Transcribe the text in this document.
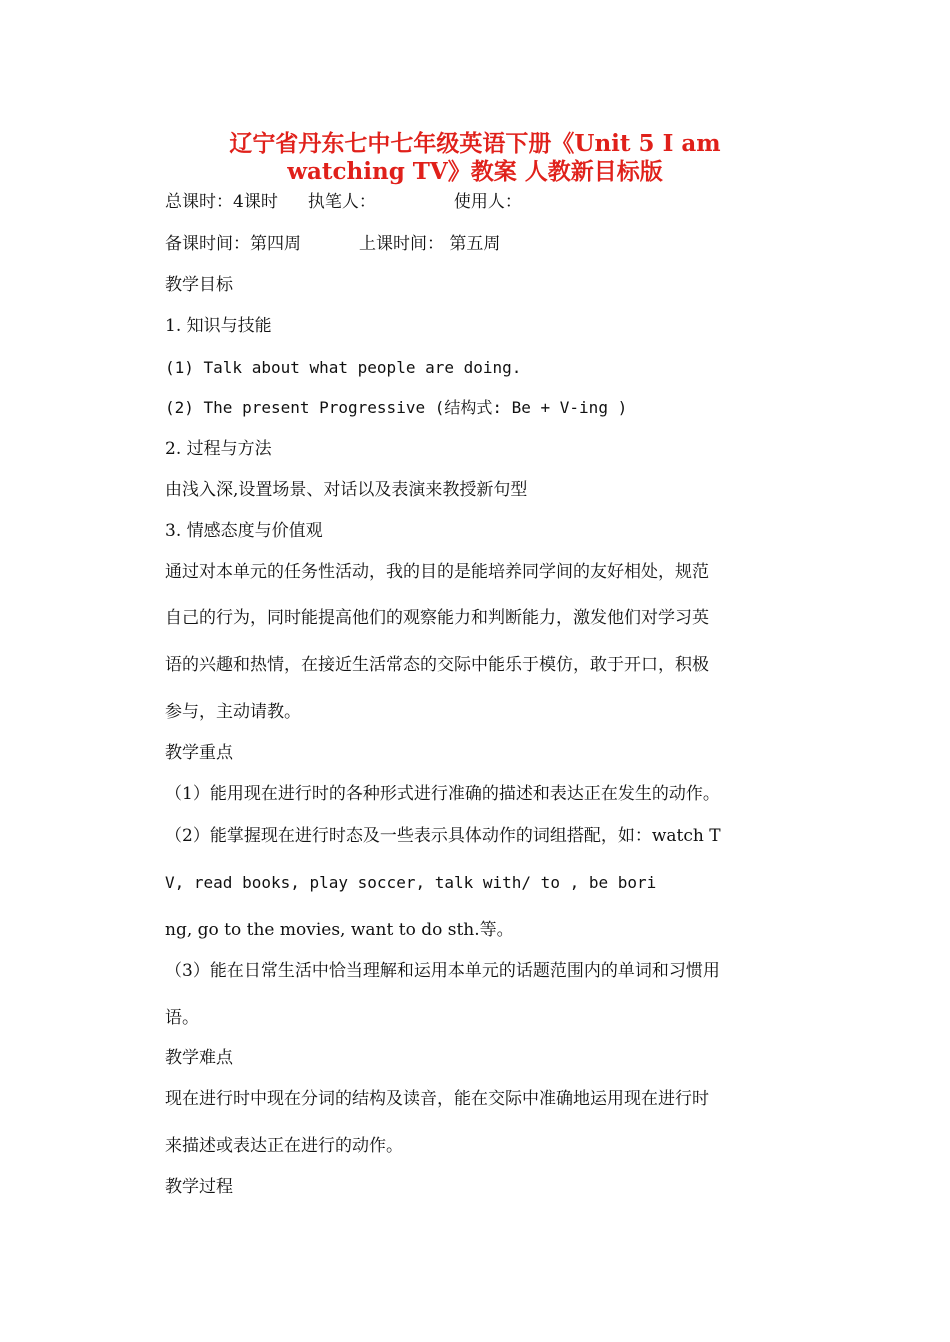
辽宁省丹东七中七年级英语下册《Unit 5 I am
watching TV》教案 人教新目标版
总课时：4课时 执笔人：	使用人：
备课时间：第四周	上课时间： 第五周
教学目标
1. 知识与技能
(1) Talk about what people are doing.
(2) The present Progressive (结构式: Be + V-ing )
2. 过程与方法
由浅入深,设置场景、对话以及表演来教授新句型
3. 情感态度与价值观
通过对本单元的任务性活动，我的目的是能培养同学间的友好相处，规范
自己的行为，同时能提高他们的观察能力和判断能力，激发他们对学习英
语的兴趣和热情，在接近生活常态的交际中能乐于模仿，敢于开口，积极
参与，主动请教。
教学重点
（1）能用现在进行时的各种形式进行准确的描述和表达正在发生的动作。
（2）能掌握现在进行时态及一些表示具体动作的词组搭配，如：watch T
V, read books, play soccer, talk with/ to , be bori
ng, go to the movies, want to do sth.等。
（3）能在日常生活中恰当理解和运用本单元的话题范围内的单词和习惯用
语。
教学难点
现在进行时中现在分词的结构及读音，能在交际中准确地运用现在进行时
来描述或表达正在进行的动作。
教学过程
